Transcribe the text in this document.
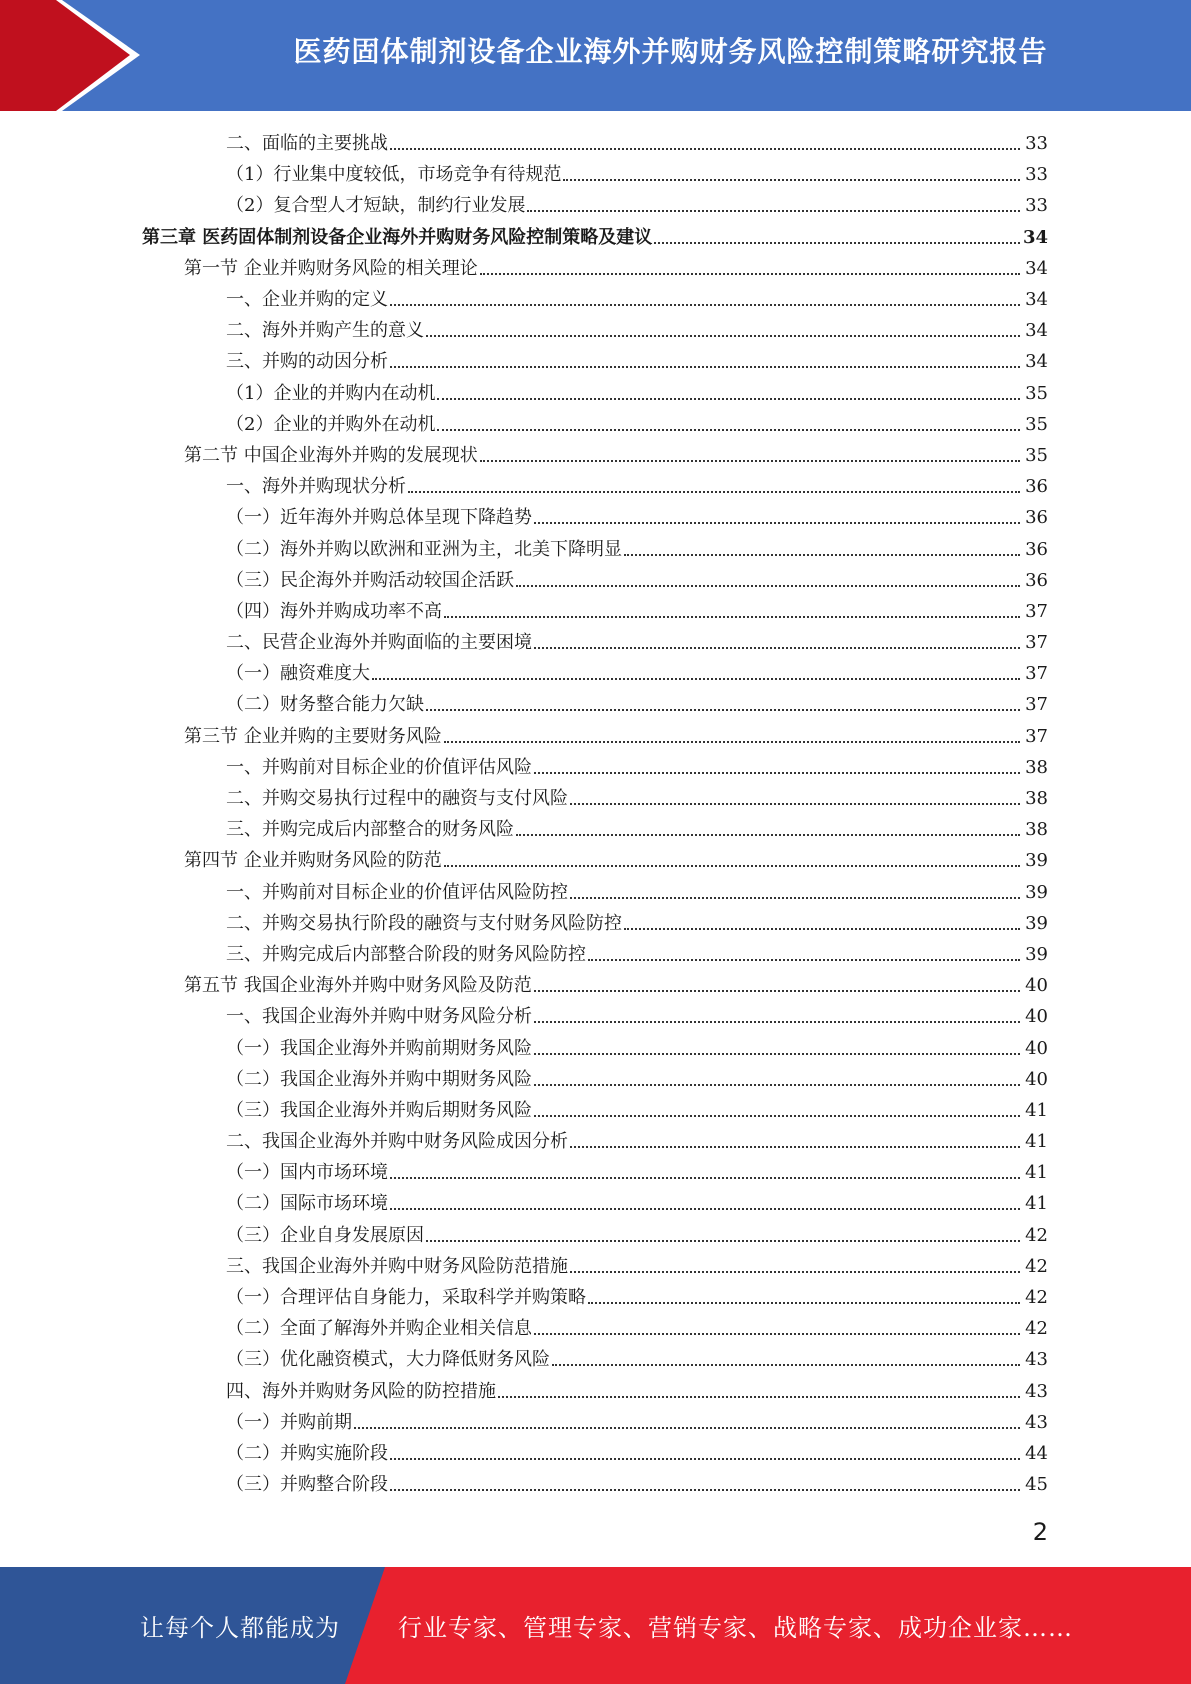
医药固体制剂设备企业海外并购财务风险控制策略研究报告
二、面临的主要挑战	33
（1）行业集中度较低，市场竞争有待规范	33
（2）复合型人才短缺，制约行业发展	33
第三章 医药固体制剂设备企业海外并购财务风险控制策略及建议	34
第一节 企业并购财务风险的相关理论	34
一、企业并购的定义	34
二、海外并购产生的意义	34
三、并购的动因分析	34
（1）企业的并购内在动机	35
（2）企业的并购外在动机	35
第二节 中国企业海外并购的发展现状	35
一、海外并购现状分析	36
（一）近年海外并购总体呈现下降趋势	36
（二）海外并购以欧洲和亚洲为主，北美下降明显	36
（三）民企海外并购活动较国企活跃	36
（四）海外并购成功率不高	37
二、民营企业海外并购面临的主要困境	37
（一）融资难度大	37
（二）财务整合能力欠缺	37
第三节 企业并购的主要财务风险	37
一、并购前对目标企业的价值评估风险	38
二、并购交易执行过程中的融资与支付风险	38
三、并购完成后内部整合的财务风险	38
第四节 企业并购财务风险的防范	39
一、并购前对目标企业的价值评估风险防控	39
二、并购交易执行阶段的融资与支付财务风险防控	39
三、并购完成后内部整合阶段的财务风险防控	39
第五节 我国企业海外并购中财务风险及防范	40
一、我国企业海外并购中财务风险分析	40
（一）我国企业海外并购前期财务风险	40
（二）我国企业海外并购中期财务风险	40
（三）我国企业海外并购后期财务风险	41
二、我国企业海外并购中财务风险成因分析	41
（一）国内市场环境	41
（二）国际市场环境	41
（三）企业自身发展原因	42
三、我国企业海外并购中财务风险防范措施	42
（一）合理评估自身能力，采取科学并购策略	42
（二）全面了解海外并购企业相关信息	42
（三）优化融资模式，大力降低财务风险	43
四、海外并购财务风险的防控措施	43
（一）并购前期	43
（二）并购实施阶段	44
（三）并购整合阶段	45
2
让每个人都能成为 行业专家、管理专家、营销专家、战略专家、成功企业家……
